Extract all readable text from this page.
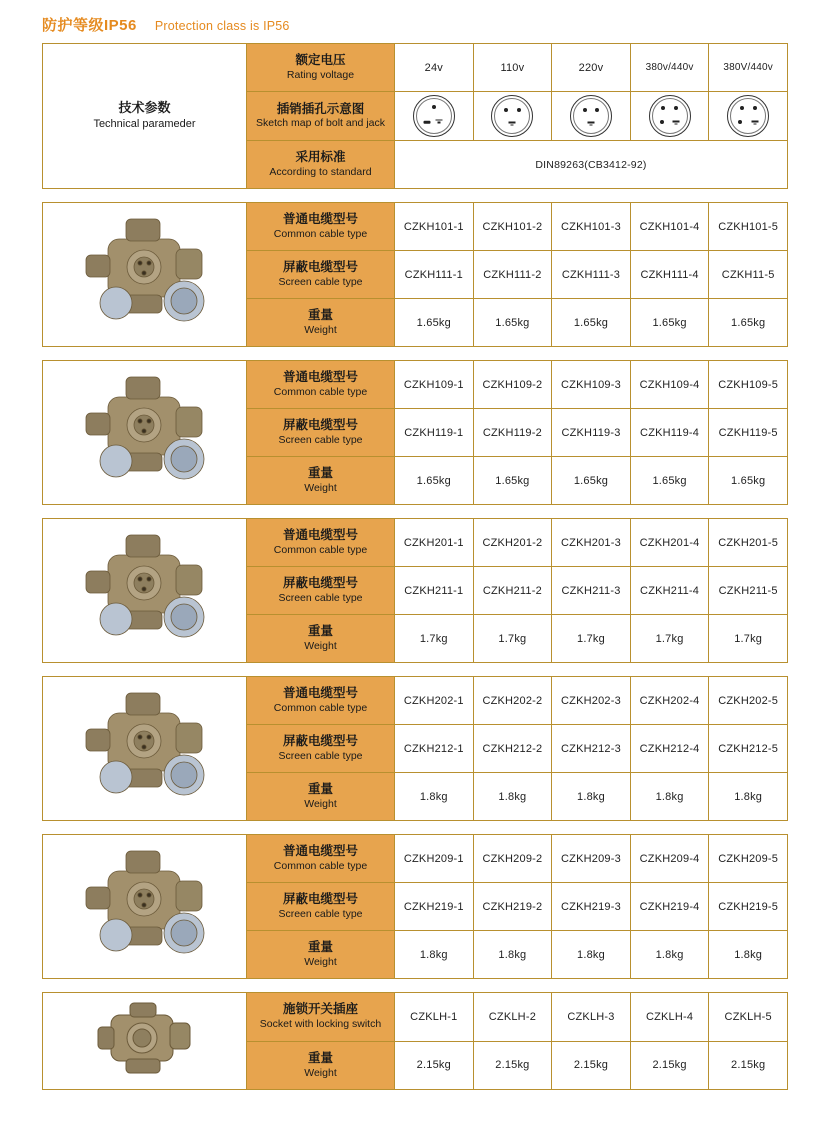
防护等级IP56 Protection class is IP56
技术参数
Technical parameder
额定电压
Rating voltage
24v	110v	220v	380v/440v	380V/440v
插销插孔示意图
Sketch map of bolt and jack
采用标准
According to standard
DIN89263(CB3412-92)
普通电缆型号
Common cable type
CZKH101-1	CZKH101-2	CZKH101-3	CZKH101-4	CZKH101-5
屏蔽电缆型号
Screen cable type
CZKH111-1	CZKH111-2	CZKH111-3	CZKH111-4	CZKH11-5
重量
Weight
1.65kg	1.65kg	1.65kg	1.65kg	1.65kg
普通电缆型号
Common cable type
CZKH109-1	CZKH109-2	CZKH109-3	CZKH109-4	CZKH109-5
屏蔽电缆型号
Screen cable type
CZKH119-1	CZKH119-2	CZKH119-3	CZKH119-4	CZKH119-5
重量
Weight
1.65kg	1.65kg	1.65kg	1.65kg	1.65kg
普通电缆型号
Common cable type
CZKH201-1	CZKH201-2	CZKH201-3	CZKH201-4	CZKH201-5
屏蔽电缆型号
Screen cable type
CZKH211-1	CZKH211-2	CZKH211-3	CZKH211-4	CZKH211-5
重量
Weight
1.7kg	1.7kg	1.7kg	1.7kg	1.7kg
普通电缆型号
Common cable type
CZKH202-1	CZKH202-2	CZKH202-3	CZKH202-4	CZKH202-5
屏蔽电缆型号
Screen cable type
CZKH212-1	CZKH212-2	CZKH212-3	CZKH212-4	CZKH212-5
重量
Weight
1.8kg	1.8kg	1.8kg	1.8kg	1.8kg
普通电缆型号
Common cable type
CZKH209-1	CZKH209-2	CZKH209-3	CZKH209-4	CZKH209-5
屏蔽电缆型号
Screen cable type
CZKH219-1	CZKH219-2	CZKH219-3	CZKH219-4	CZKH219-5
重量
Weight
1.8kg	1.8kg	1.8kg	1.8kg	1.8kg
施锁开关插座
Socket with locking switch
CZKLH-1	CZKLH-2	CZKLH-3	CZKLH-4	CZKLH-5
重量
Weight
2.15kg	2.15kg	2.15kg	2.15kg	2.15kg
